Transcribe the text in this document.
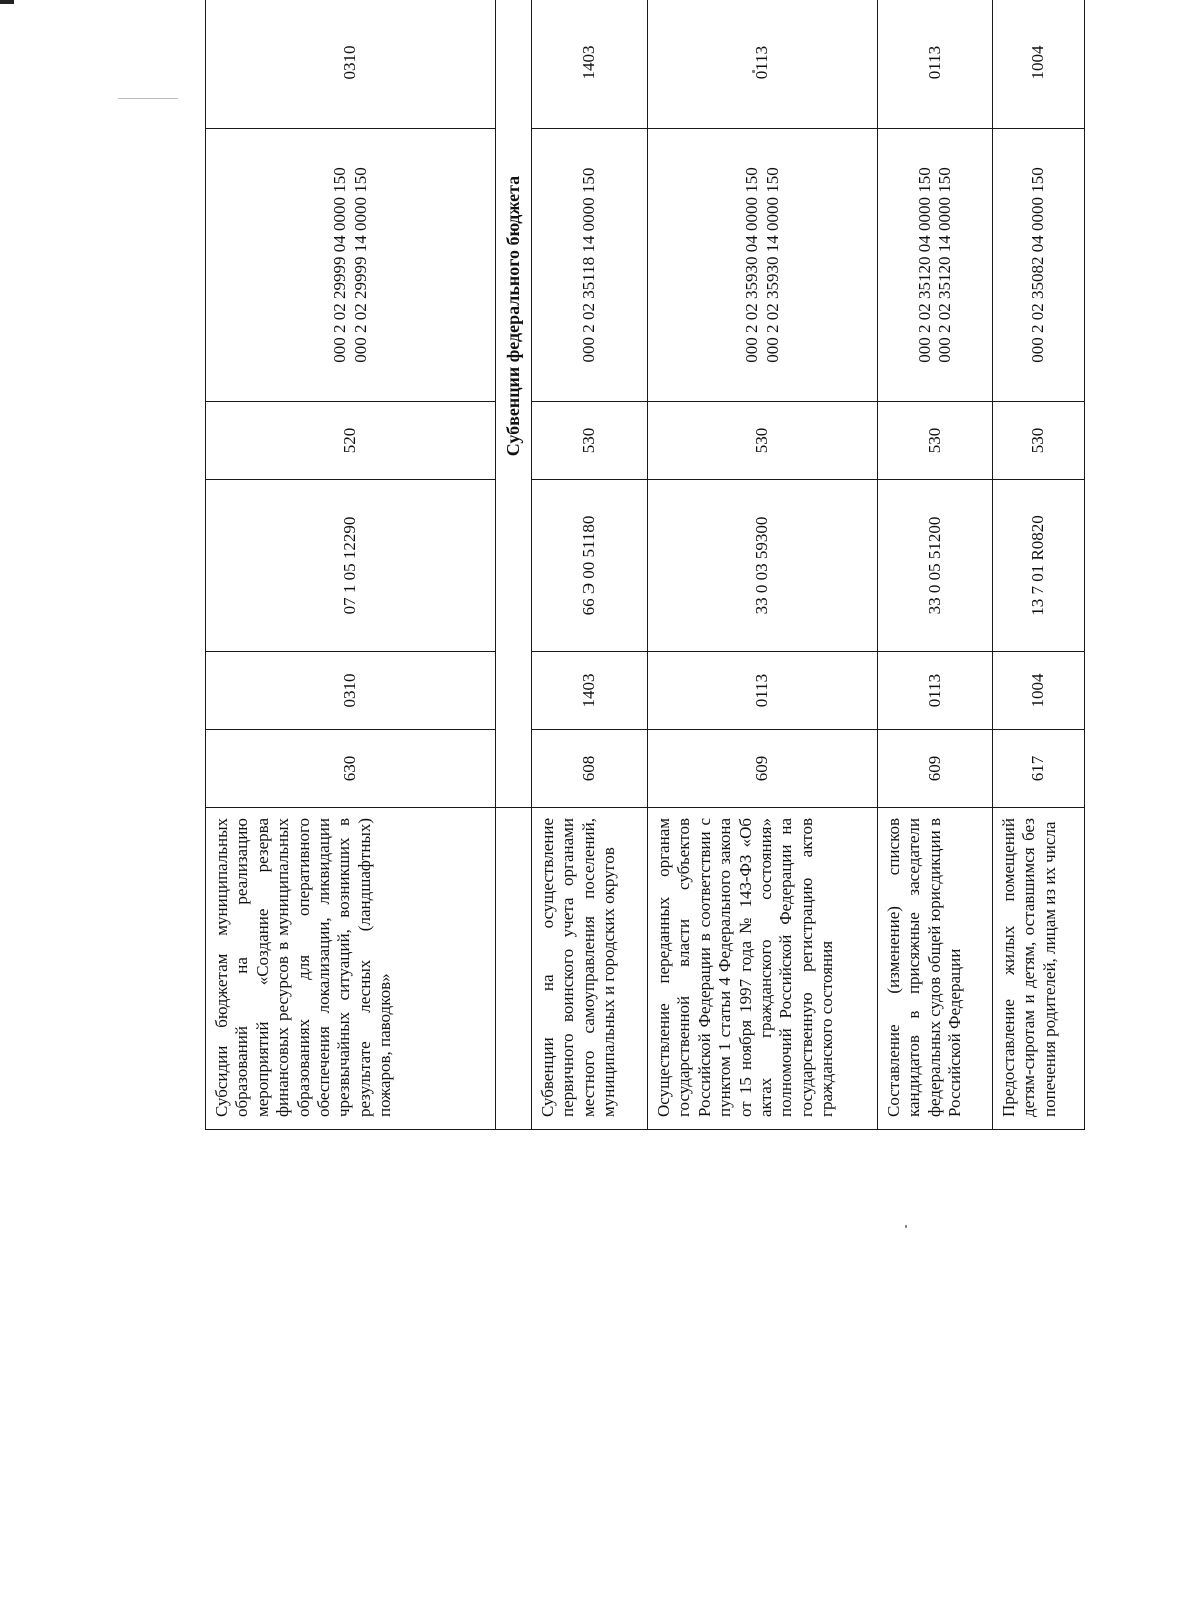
Субсидии бюджетам муниципальных образований на реализацию мероприятий «Создание резерва финансовых ресурсов в муниципальных образованиях для оперативного обеспечения локализации, ликвидации чрезвычайных ситуаций, возникших в результате лесных (ландшафтных) пожаров, паводков»	630	0310	07 1 05 12290	520	000 2 02 29999 04 0000 150 000 2 02 29999 14 0000 150	0310	
	Субвенции федерального бюджета						
Субвенции на осуществление первичного воинского учета органами местного самоуправления поселений, муниципальных и городских округов	608	1403	66 Э 00 51180	530	000 2 02 35118 14 0000 150	1403	
Осуществление переданных органам государственной власти субъектов Российской Федерации в соответствии с пунктом 1 статьи 4 Федерального закона от 15 ноября 1997 года № 143-ФЗ «Об актах гражданского состояния» полномочий Российской Федерации на государственную регистрацию актов гражданского состояния	609	0113	33 0 03 59300	530	000 2 02 35930 04 0000 150 000 2 02 35930 14 0000 150	0113	
Составление (изменение) списков кандидатов в присяжные заседатели федеральных судов общей юрисдикции в Российской Федерации	609	0113	33 0 05 51200	530	000 2 02 35120 04 0000 150 000 2 02 35120 14 0000 150	0113	
Предоставление жилых помещений детям-сиротам и детям, оставшимся без попечения родителей, лицам из их числа	617	1004	13 7 01 R0820	530	000 2 02 35082 04 0000 150	1004	
